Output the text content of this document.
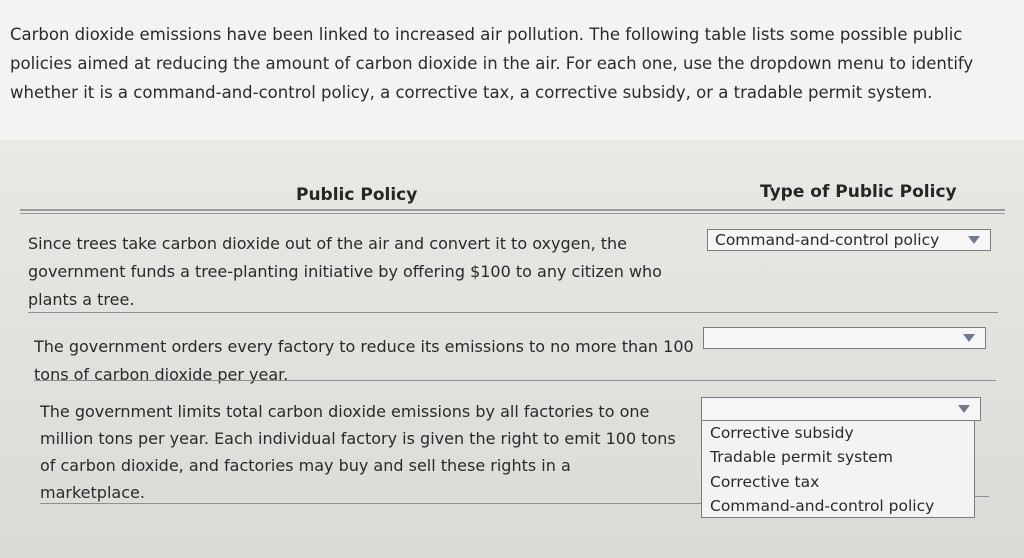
Carbon dioxide emissions have been linked to increased air pollution. The following table lists some possible public policies aimed at reducing the amount of carbon dioxide in the air. For each one, use the dropdown menu to identify whether it is a command-and-control policy, a corrective tax, a corrective subsidy, or a tradable permit system.

Public Policy	Type of Public Policy

Since trees take carbon dioxide out of the air and convert it to oxygen, the government funds a tree-planting initiative by offering $100 to any citizen who plants a tree.

Command-and-control policy

The government orders every factory to reduce its emissions to no more than 100 tons of carbon dioxide per year.

The government limits total carbon dioxide emissions by all factories to one million tons per year. Each individual factory is given the right to emit 100 tons of carbon dioxide, and factories may buy and sell these rights in a marketplace.

Corrective subsidy
Tradable permit system
Corrective tax
Command-and-control policy
